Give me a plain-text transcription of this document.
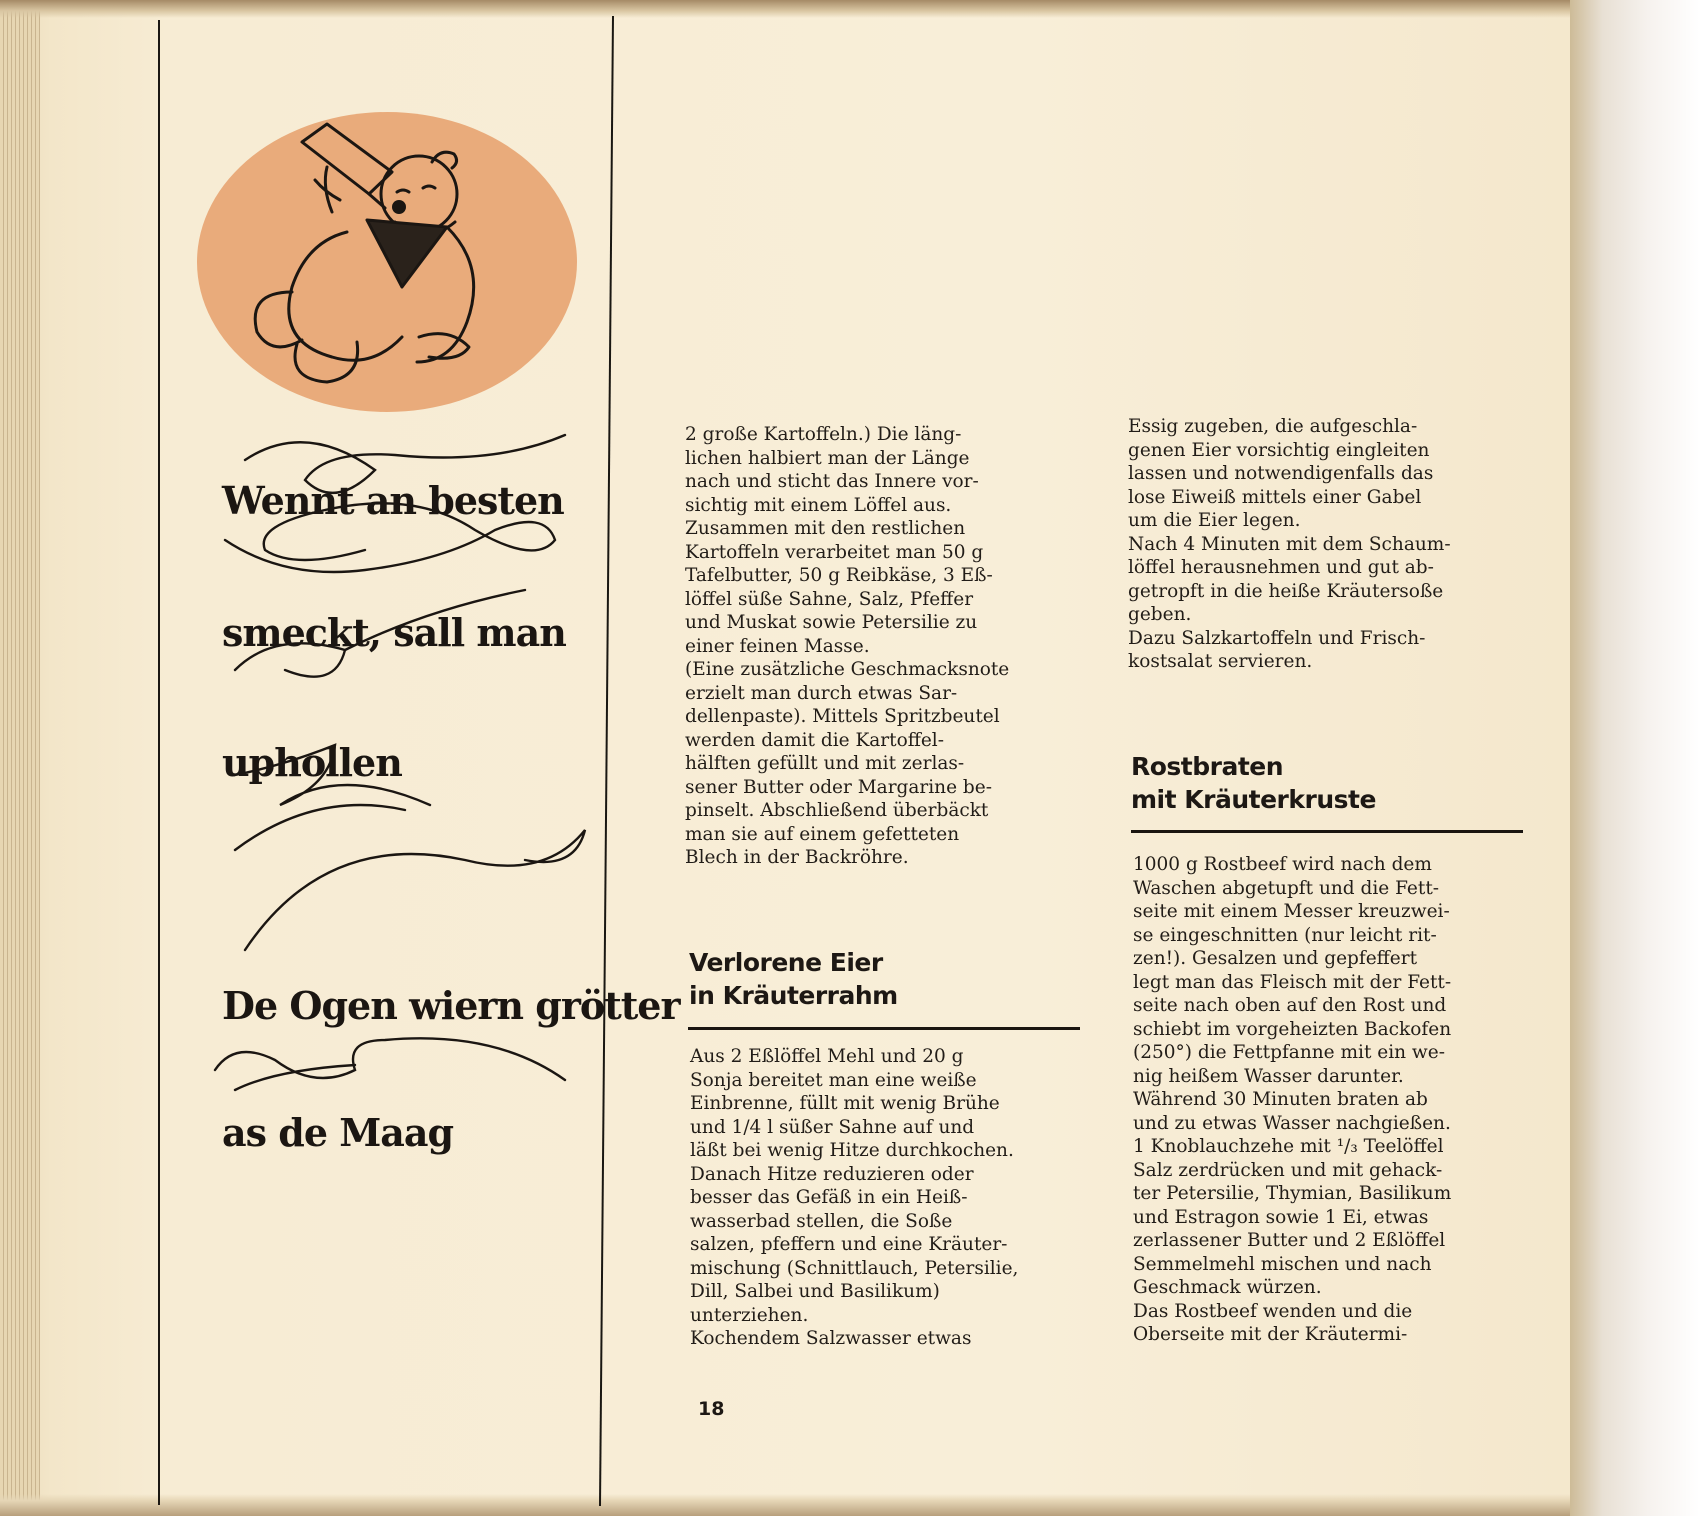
Wennt an besten
smeckt, sall man
uphollen
De Ogen wiern grötter
as de Maag
2 große Kartoffeln.) Die läng-
lichen halbiert man der Länge
nach und sticht das Innere vor-
sichtig mit einem Löffel aus.
Zusammen mit den restlichen
Kartoffeln verarbeitet man 50 g
Tafelbutter, 50 g Reibkäse, 3 Eß-
löffel süße Sahne, Salz, Pfeffer
und Muskat sowie Petersilie zu
einer feinen Masse.
(Eine zusätzliche Geschmacksnote
erzielt man durch etwas Sar-
dellenpaste). Mittels Spritzbeutel
werden damit die Kartoffel-
hälften gefüllt und mit zerlas-
sener Butter oder Margarine be-
pinselt. Abschließend überbäckt
man sie auf einem gefetteten
Blech in der Backröhre.
Verlorene Eier
in Kräuterrahm
Aus 2 Eßlöffel Mehl und 20 g
Sonja bereitet man eine weiße
Einbrenne, füllt mit wenig Brühe
und 1/4 l süßer Sahne auf und
läßt bei wenig Hitze durchkochen.
Danach Hitze reduzieren oder
besser das Gefäß in ein Heiß-
wasserbad stellen, die Soße
salzen, pfeffern und eine Kräuter-
mischung (Schnittlauch, Petersilie,
Dill, Salbei und Basilikum)
unterziehen.
Kochendem Salzwasser etwas
Essig zugeben, die aufgeschla-
genen Eier vorsichtig eingleiten
lassen und notwendigenfalls das
lose Eiweiß mittels einer Gabel
um die Eier legen.
Nach 4 Minuten mit dem Schaum-
löffel herausnehmen und gut ab-
getropft in die heiße Kräutersoße
geben.
Dazu Salzkartoffeln und Frisch-
kostsalat servieren.
Rostbraten
mit Kräuterkruste
1000 g Rostbeef wird nach dem
Waschen abgetupft und die Fett-
seite mit einem Messer kreuzwei-
se eingeschnitten (nur leicht rit-
zen!). Gesalzen und gepfeffert
legt man das Fleisch mit der Fett-
seite nach oben auf den Rost und
schiebt im vorgeheizten Backofen
(250°) die Fettpfanne mit ein we-
nig heißem Wasser darunter.
Während 30 Minuten braten ab
und zu etwas Wasser nachgießen.
1 Knoblauchzehe mit ¹/₃ Teelöffel
Salz zerdrücken und mit gehack-
ter Petersilie, Thymian, Basilikum
und Estragon sowie 1 Ei, etwas
zerlassener Butter und 2 Eßlöffel
Semmelmehl mischen und nach
Geschmack würzen.
Das Rostbeef wenden und die
Oberseite mit der Kräutermi-
18
